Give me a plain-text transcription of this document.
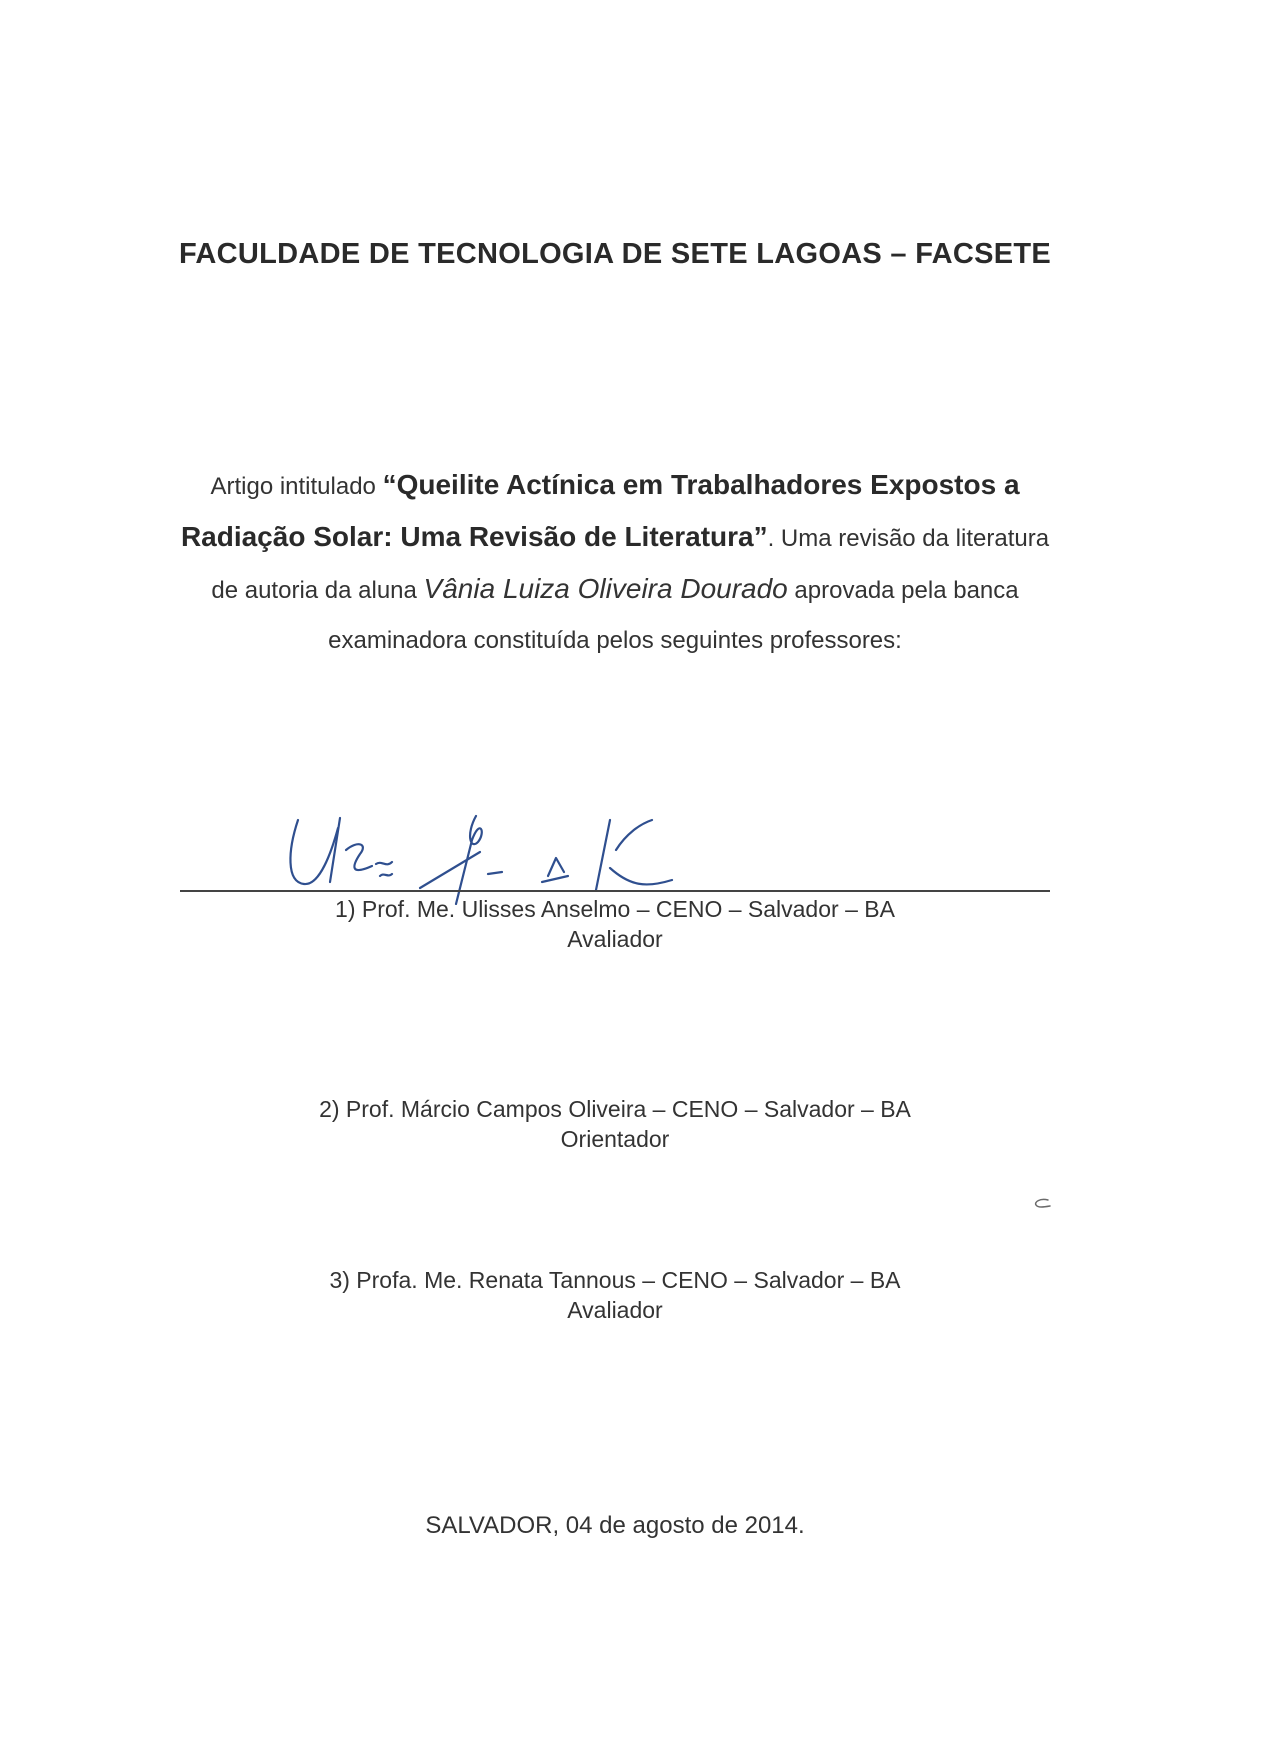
FACULDADE DE TECNOLOGIA DE SETE LAGOAS – FACSETE
Artigo intitulado “Queilite Actínica em Trabalhadores Expostos a Radiação Solar: Uma Revisão de Literatura”. Uma revisão da literatura de autoria da aluna Vânia Luiza Oliveira Dourado aprovada pela banca examinadora constituída pelos seguintes professores:
1) Prof. Me. Ulisses Anselmo – CENO – Salvador – BA
Avaliador
2) Prof. Márcio Campos Oliveira – CENO – Salvador – BA
Orientador
3) Profa. Me. Renata Tannous – CENO – Salvador – BA
Avaliador
SALVADOR, 04 de agosto de 2014.
